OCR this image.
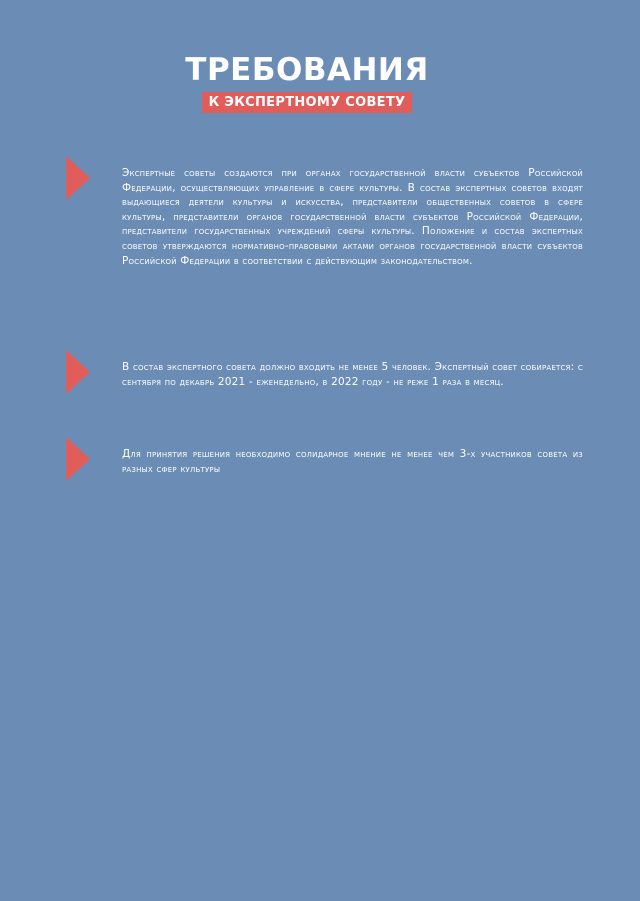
ТРЕБОВАНИЯ
К ЭКСПЕРТНОМУ СОВЕТУ

Экспертные советы создаются при органах государственной власти субъектов Российской Федерации, осуществляющих управление в сфере культуры. В состав экспертных советов входят выдающиеся деятели культуры и искусства, представители общественных советов в сфере культуры, представители органов государственной власти субъектов Российской Федерации, представители государственных учреждений сферы культуры. Положение и состав экспертных советов утверждаются нормативно-правовыми актами органов государственной власти субъектов Российской Федерации в соответствии с действующим законодательством.

В состав экспертного совета должно входить не менее 5 человек. Экспертный совет собирается: с сентября по декабрь 2021 - еженедельно, в 2022 году - не реже 1 раза в месяц.

Для принятия решения необходимо солидарное мнение не менее чем 3-х участников совета из разных сфер культуры
